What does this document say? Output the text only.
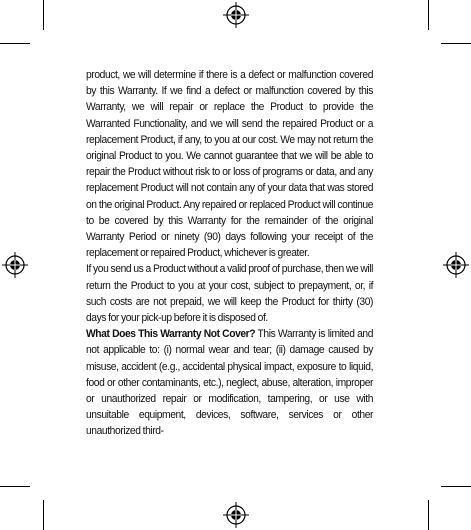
product, we will determine if there is a defect or malfunction covered by this Warranty. If we find a defect or malfunction covered by this Warranty, we will repair or replace the Product to provide the Warranted Functionality, and we will send the repaired Product or a replacement Product, if any, to you at our cost. We may not return the original Product to you. We cannot guarantee that we will be able to repair the Product without risk to or loss of programs or data, and any replacement Product will not contain any of your data that was stored on the original Product. Any repaired or replaced Product will continue to be covered by this Warranty for the remainder of the original Warranty Period or ninety (90) days following your receipt of the replacement or repaired Product, whichever is greater.

If you send us a Product without a valid proof of purchase, then we will return the Product to you at your cost, subject to prepayment, or, if such costs are not prepaid, we will keep the Product for thirty (30) days for your pick-up before it is disposed of.

What Does This Warranty Not Cover? This Warranty is limited and not applicable to: (i) normal wear and tear; (ii) damage caused by misuse, accident (e.g., accidental physical impact, exposure to liquid, food or other contaminants, etc.), neglect, abuse, alteration, improper or unauthorized repair or modification, tampering, or use with unsuitable equipment, devices, software, services or other unauthorized third-
